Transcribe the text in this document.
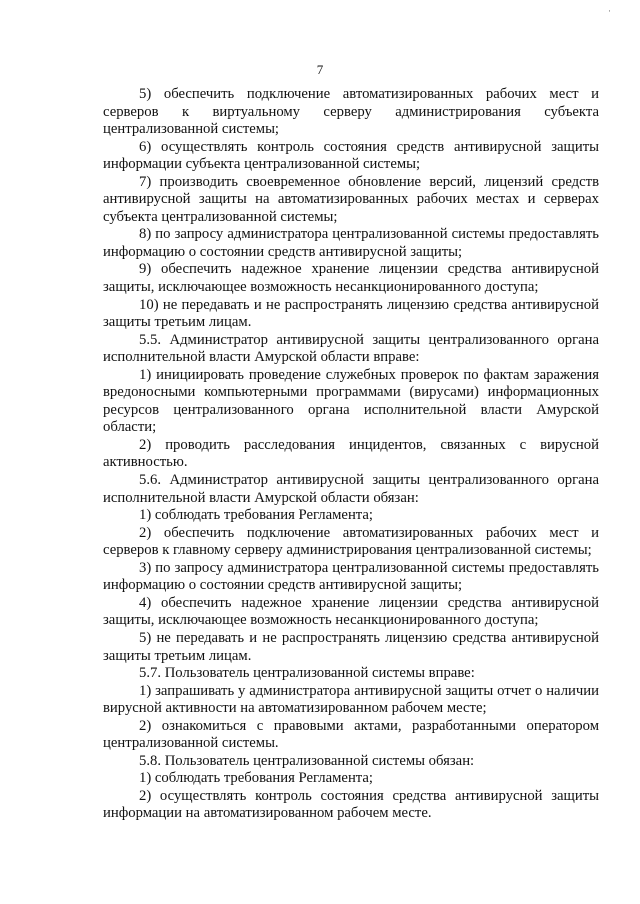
·
7

5) обеспечить подключение автоматизированных рабочих мест и серверов к виртуальному серверу администрирования субъекта централизованной системы;

6) осуществлять контроль состояния средств антивирусной защиты информации субъекта централизованной системы;

7) производить своевременное обновление версий, лицензий средств антивирусной защиты на автоматизированных рабочих местах и серверах субъекта централизованной системы;

8) по запросу администратора централизованной системы предоставлять информацию о состоянии средств антивирусной защиты;

9) обеспечить надежное хранение лицензии средства антивирусной защиты, исключающее возможность несанкционированного доступа;

10) не передавать и не распространять лицензию средства антивирусной защиты третьим лицам.

5.5. Администратор антивирусной защиты централизованного органа исполнительной власти Амурской области вправе:

1) инициировать проведение служебных проверок по фактам заражения вредоносными компьютерными программами (вирусами) информационных ресурсов централизованного органа исполнительной власти Амурской области;

2) проводить расследования инцидентов, связанных с вирусной активностью.

5.6. Администратор антивирусной защиты централизованного органа исполнительной власти Амурской области обязан:

1) соблюдать требования Регламента;

2) обеспечить подключение автоматизированных рабочих мест и серверов к главному серверу администрирования централизованной системы;

3) по запросу администратора централизованной системы предоставлять информацию о состоянии средств антивирусной защиты;

4) обеспечить надежное хранение лицензии средства антивирусной защиты, исключающее возможность несанкционированного доступа;

5) не передавать и не распространять лицензию средства антивирусной защиты третьим лицам.

5.7. Пользователь централизованной системы вправе:

1) запрашивать у администратора антивирусной защиты отчет о наличии вирусной активности на автоматизированном рабочем месте;

2) ознакомиться с правовыми актами, разработанными оператором централизованной системы.

5.8. Пользователь централизованной системы обязан:

1) соблюдать требования Регламента;

2) осуществлять контроль состояния средства антивирусной защиты информации на автоматизированном рабочем месте.
